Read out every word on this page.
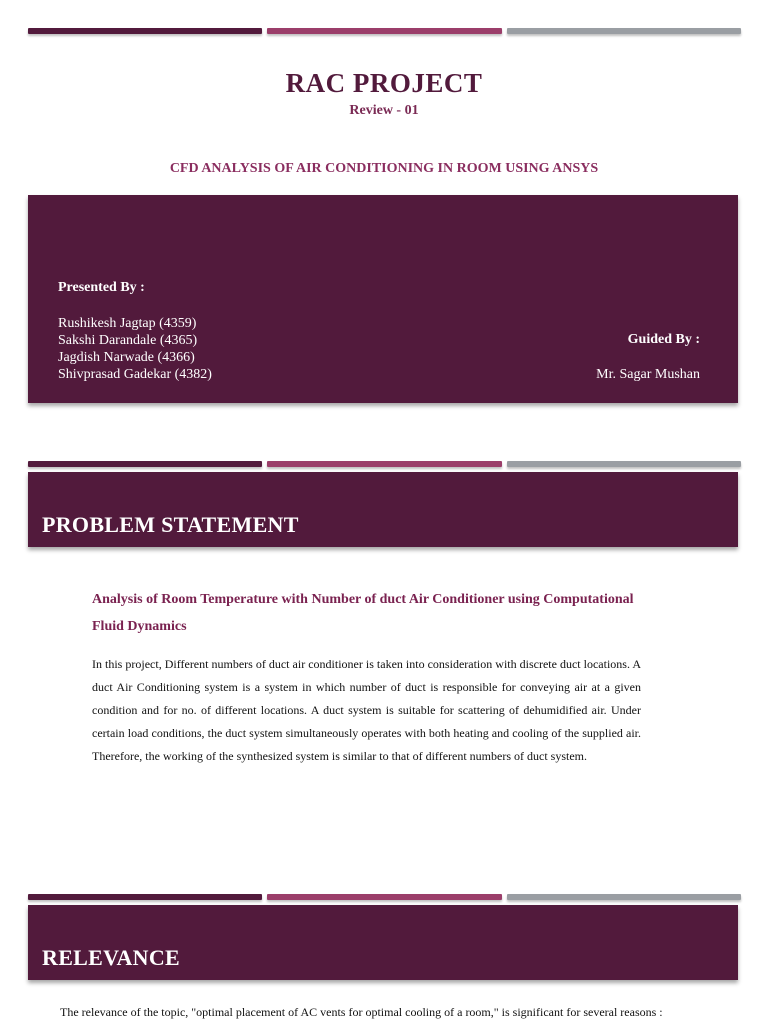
RAC PROJECT
Review - 01
CFD ANALYSIS OF AIR CONDITIONING IN ROOM USING ANSYS
Presented By :
Rushikesh Jagtap (4359)
Sakshi Darandale (4365)
Jagdish Narwade (4366)
Shivprasad Gadekar (4382)
Guided By :
Mr. Sagar Mushan
PROBLEM STATEMENT
Analysis of Room Temperature with Number of duct Air Conditioner using Computational Fluid Dynamics

In this project, Different numbers of duct air conditioner is taken into consideration with discrete duct locations. A duct Air Conditioning system is a system in which number of duct is responsible for conveying air at a given condition and for no. of different locations. A duct system is suitable for scattering of dehumidified air. Under certain load conditions, the duct system simultaneously operates with both heating and cooling of the supplied air. Therefore, the working of the synthesized system is similar to that of different numbers of duct system.

RELEVANCE
The relevance of the topic, "optimal placement of AC vents for optimal cooling of a room," is significant for several reasons :
